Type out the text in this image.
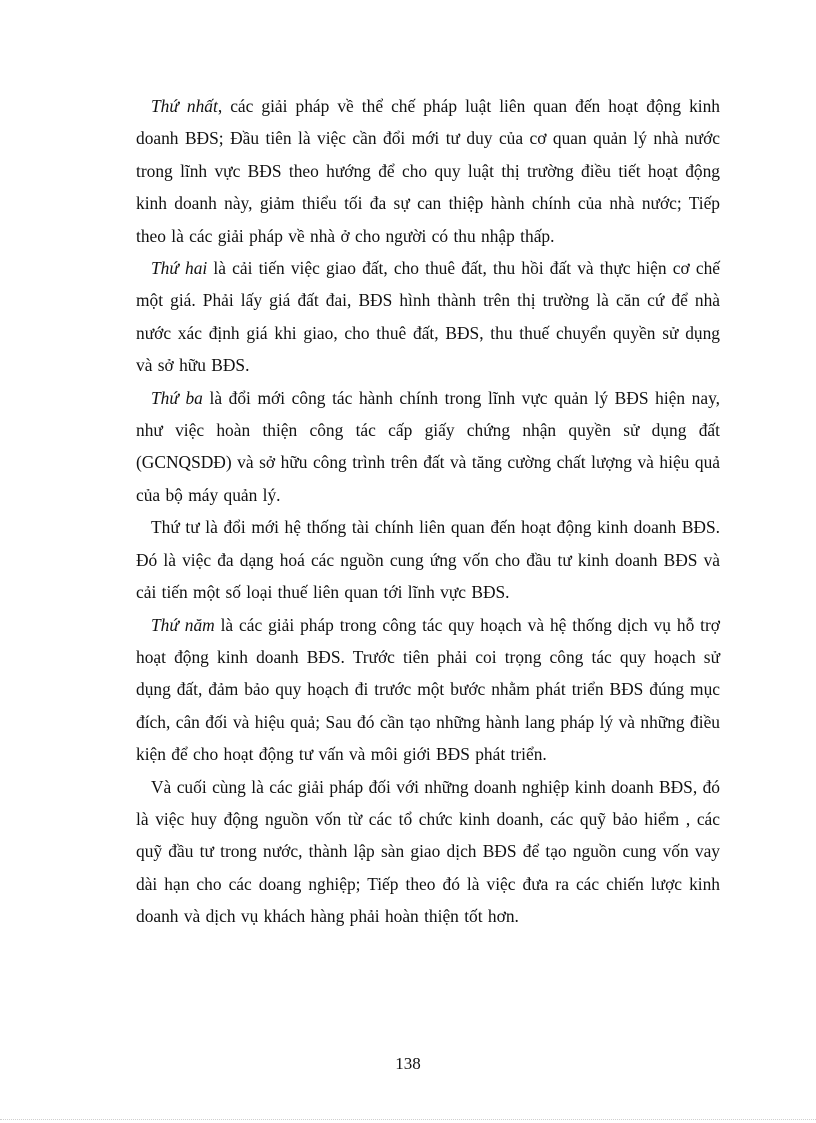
Thứ nhất, các giải pháp về thể chế pháp luật liên quan đến hoạt động kinh doanh BĐS; Đầu tiên là việc cần đổi mới tư duy của cơ quan quản lý nhà nước trong lĩnh vực BĐS theo hướng để cho quy luật thị trường điều tiết hoạt động kinh doanh này, giảm thiểu tối đa sự can thiệp hành chính của nhà nước; Tiếp theo là các giải pháp về nhà ở cho người có thu nhập thấp.

Thứ hai là cải tiến việc giao đất, cho thuê đất, thu hồi đất và thực hiện cơ chế một giá. Phải lấy giá đất đai, BĐS hình thành trên thị trường là căn cứ để nhà nước xác định giá khi giao, cho thuê đất, BĐS, thu thuế chuyển quyền sử dụng và sở hữu BĐS.

Thứ ba là đổi mới công tác hành chính trong lĩnh vực quản lý BĐS hiện nay, như việc hoàn thiện công tác cấp giấy chứng nhận quyền sử dụng đất (GCNQSDĐ) và sở hữu công trình trên đất và tăng cường chất lượng và hiệu quả của bộ máy quản lý.

Thứ tư là đổi mới hệ thống tài chính liên quan đến hoạt động kinh doanh BĐS. Đó là việc đa dạng hoá các nguồn cung ứng vốn cho đầu tư kinh doanh BĐS và cải tiến một số loại thuế liên quan tới lĩnh vực BĐS.

Thứ năm là các giải pháp trong công tác quy hoạch và hệ thống dịch vụ hỗ trợ hoạt động kinh doanh BĐS. Trước tiên phải coi trọng công tác quy hoạch sử dụng đất, đảm bảo quy hoạch đi trước một bước nhằm phát triển BĐS đúng mục đích, cân đối và hiệu quả; Sau đó cần tạo những hành lang pháp lý và những điều kiện để cho hoạt động tư vấn và môi giới BĐS phát triển.

Và cuối cùng là các giải pháp đối với những doanh nghiệp kinh doanh BĐS, đó là việc huy động nguồn vốn từ các tổ chức kinh doanh, các quỹ bảo hiểm , các quỹ đầu tư trong nước, thành lập sàn giao dịch BĐS để tạo nguồn cung vốn vay dài hạn cho các doang nghiệp; Tiếp theo đó là việc đưa ra các chiến lược kinh doanh và dịch vụ khách hàng phải hoàn thiện tốt hơn.

138
